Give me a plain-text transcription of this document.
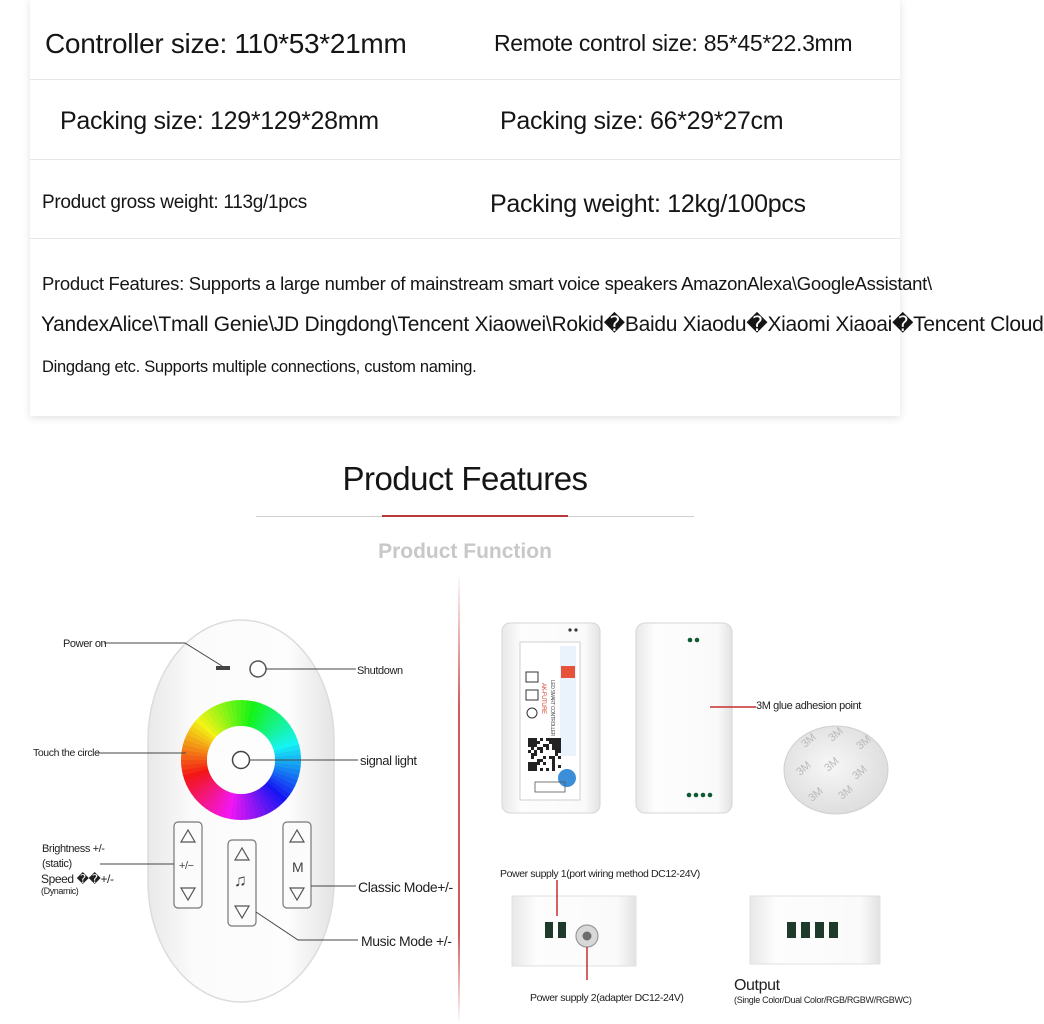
Controller size: 110*53*21mm	Remote control size: 85*45*22.3mm
Packing size: 129*129*28mm	Packing size: 66*29*27cm
Product gross weight: 113g/1pcs	Packing weight: 12kg/100pcs
Product Features: Supports a large number of mainstream smart voice speakers AmazonAlexa\GoogleAssistant\
YandexAlice\Tmall Genie\JD Dingdong\Tencent Xiaowei\Rokid�Baidu Xiaodu�Xiaomi Xiaoai�Tencent Cloud
Dingdang etc. Supports multiple connections, custom naming.
Product Features
Product Function
+/−
♫
M
Power on
Shutdown
Touch the circle	signal light
Brightness +/-
(static)
Speed ��+/-
(Dynamic)	Classic Mode+/-
Music Mode +/-
3M 3M 3M
3M 3M 3M
3M 3M
AK-FUTURE LED SMART CONTROLLER	3M glue adhesion point
Power supply 1(port wiring method DC12-24V)
Power supply 2(adapter DC12-24V)
Output
(Single Color/Dual Color/RGB/RGBW/RGBWC)
